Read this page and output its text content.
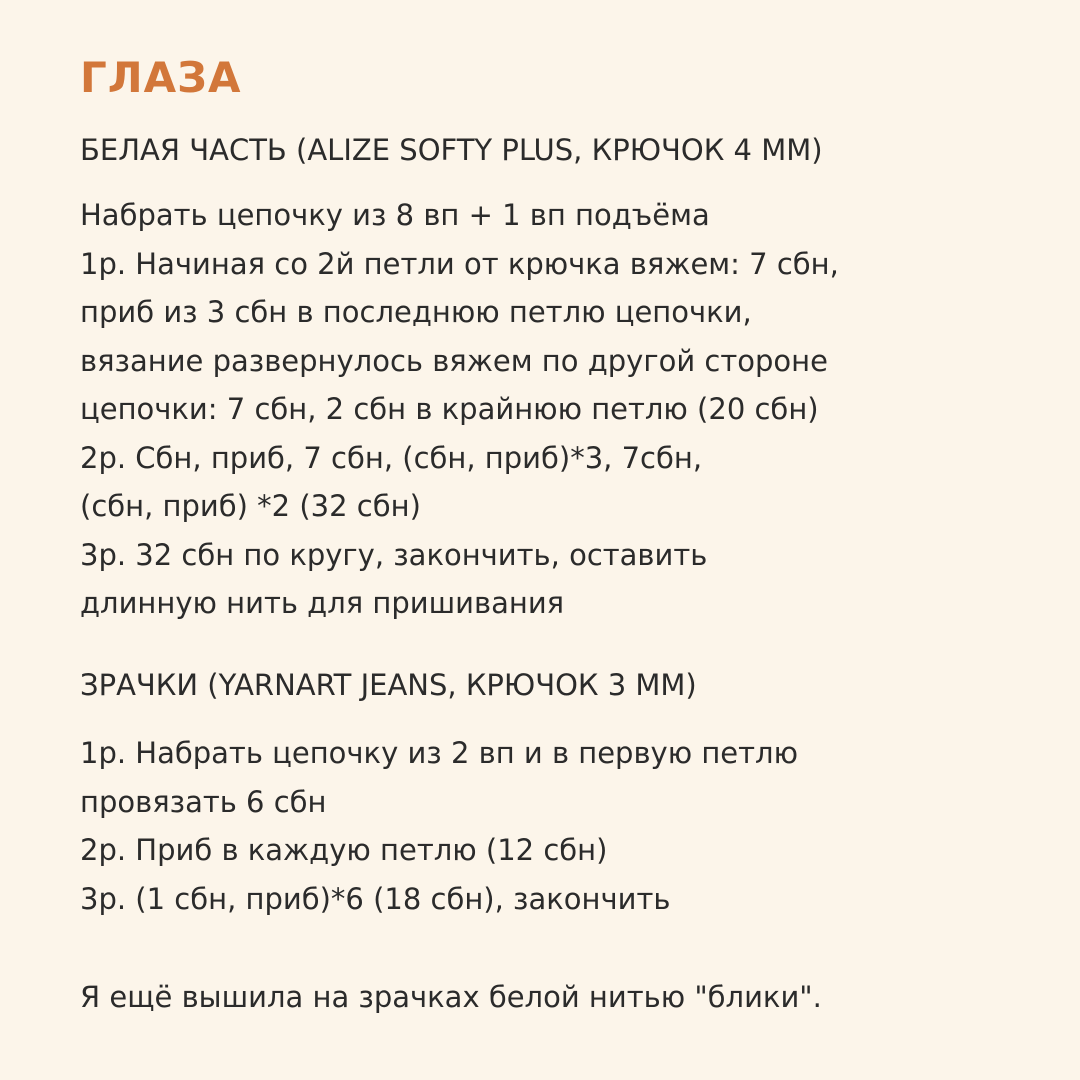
ГЛАЗА
БЕЛАЯ ЧАСТЬ (ALIZE SOFTY PLUS, КРЮЧОК 4 ММ)
Набрать цепочку из 8 вп + 1 вп подъёма
1р. Начиная со 2й петли от крючка вяжем: 7 сбн,
приб из 3 сбн в последнюю петлю цепочки,
вязание развернулось вяжем по другой стороне
цепочки: 7 сбн, 2 сбн в крайнюю петлю (20 сбн)
2р. Сбн, приб, 7 сбн, (сбн, приб)*3, 7сбн,
(сбн, приб) *2 (32 сбн)
3р. 32 сбн по кругу, закончить, оставить
длинную нить для пришивания
ЗРАЧКИ (YARNART JEANS, КРЮЧОК 3 ММ)
1р. Набрать цепочку из 2 вп и в первую петлю
провязать 6 сбн
2р. Приб в каждую петлю (12 сбн)
3р. (1 сбн, приб)*6 (18 сбн), закончить
Я ещё вышила на зрачках белой нитью "блики".
